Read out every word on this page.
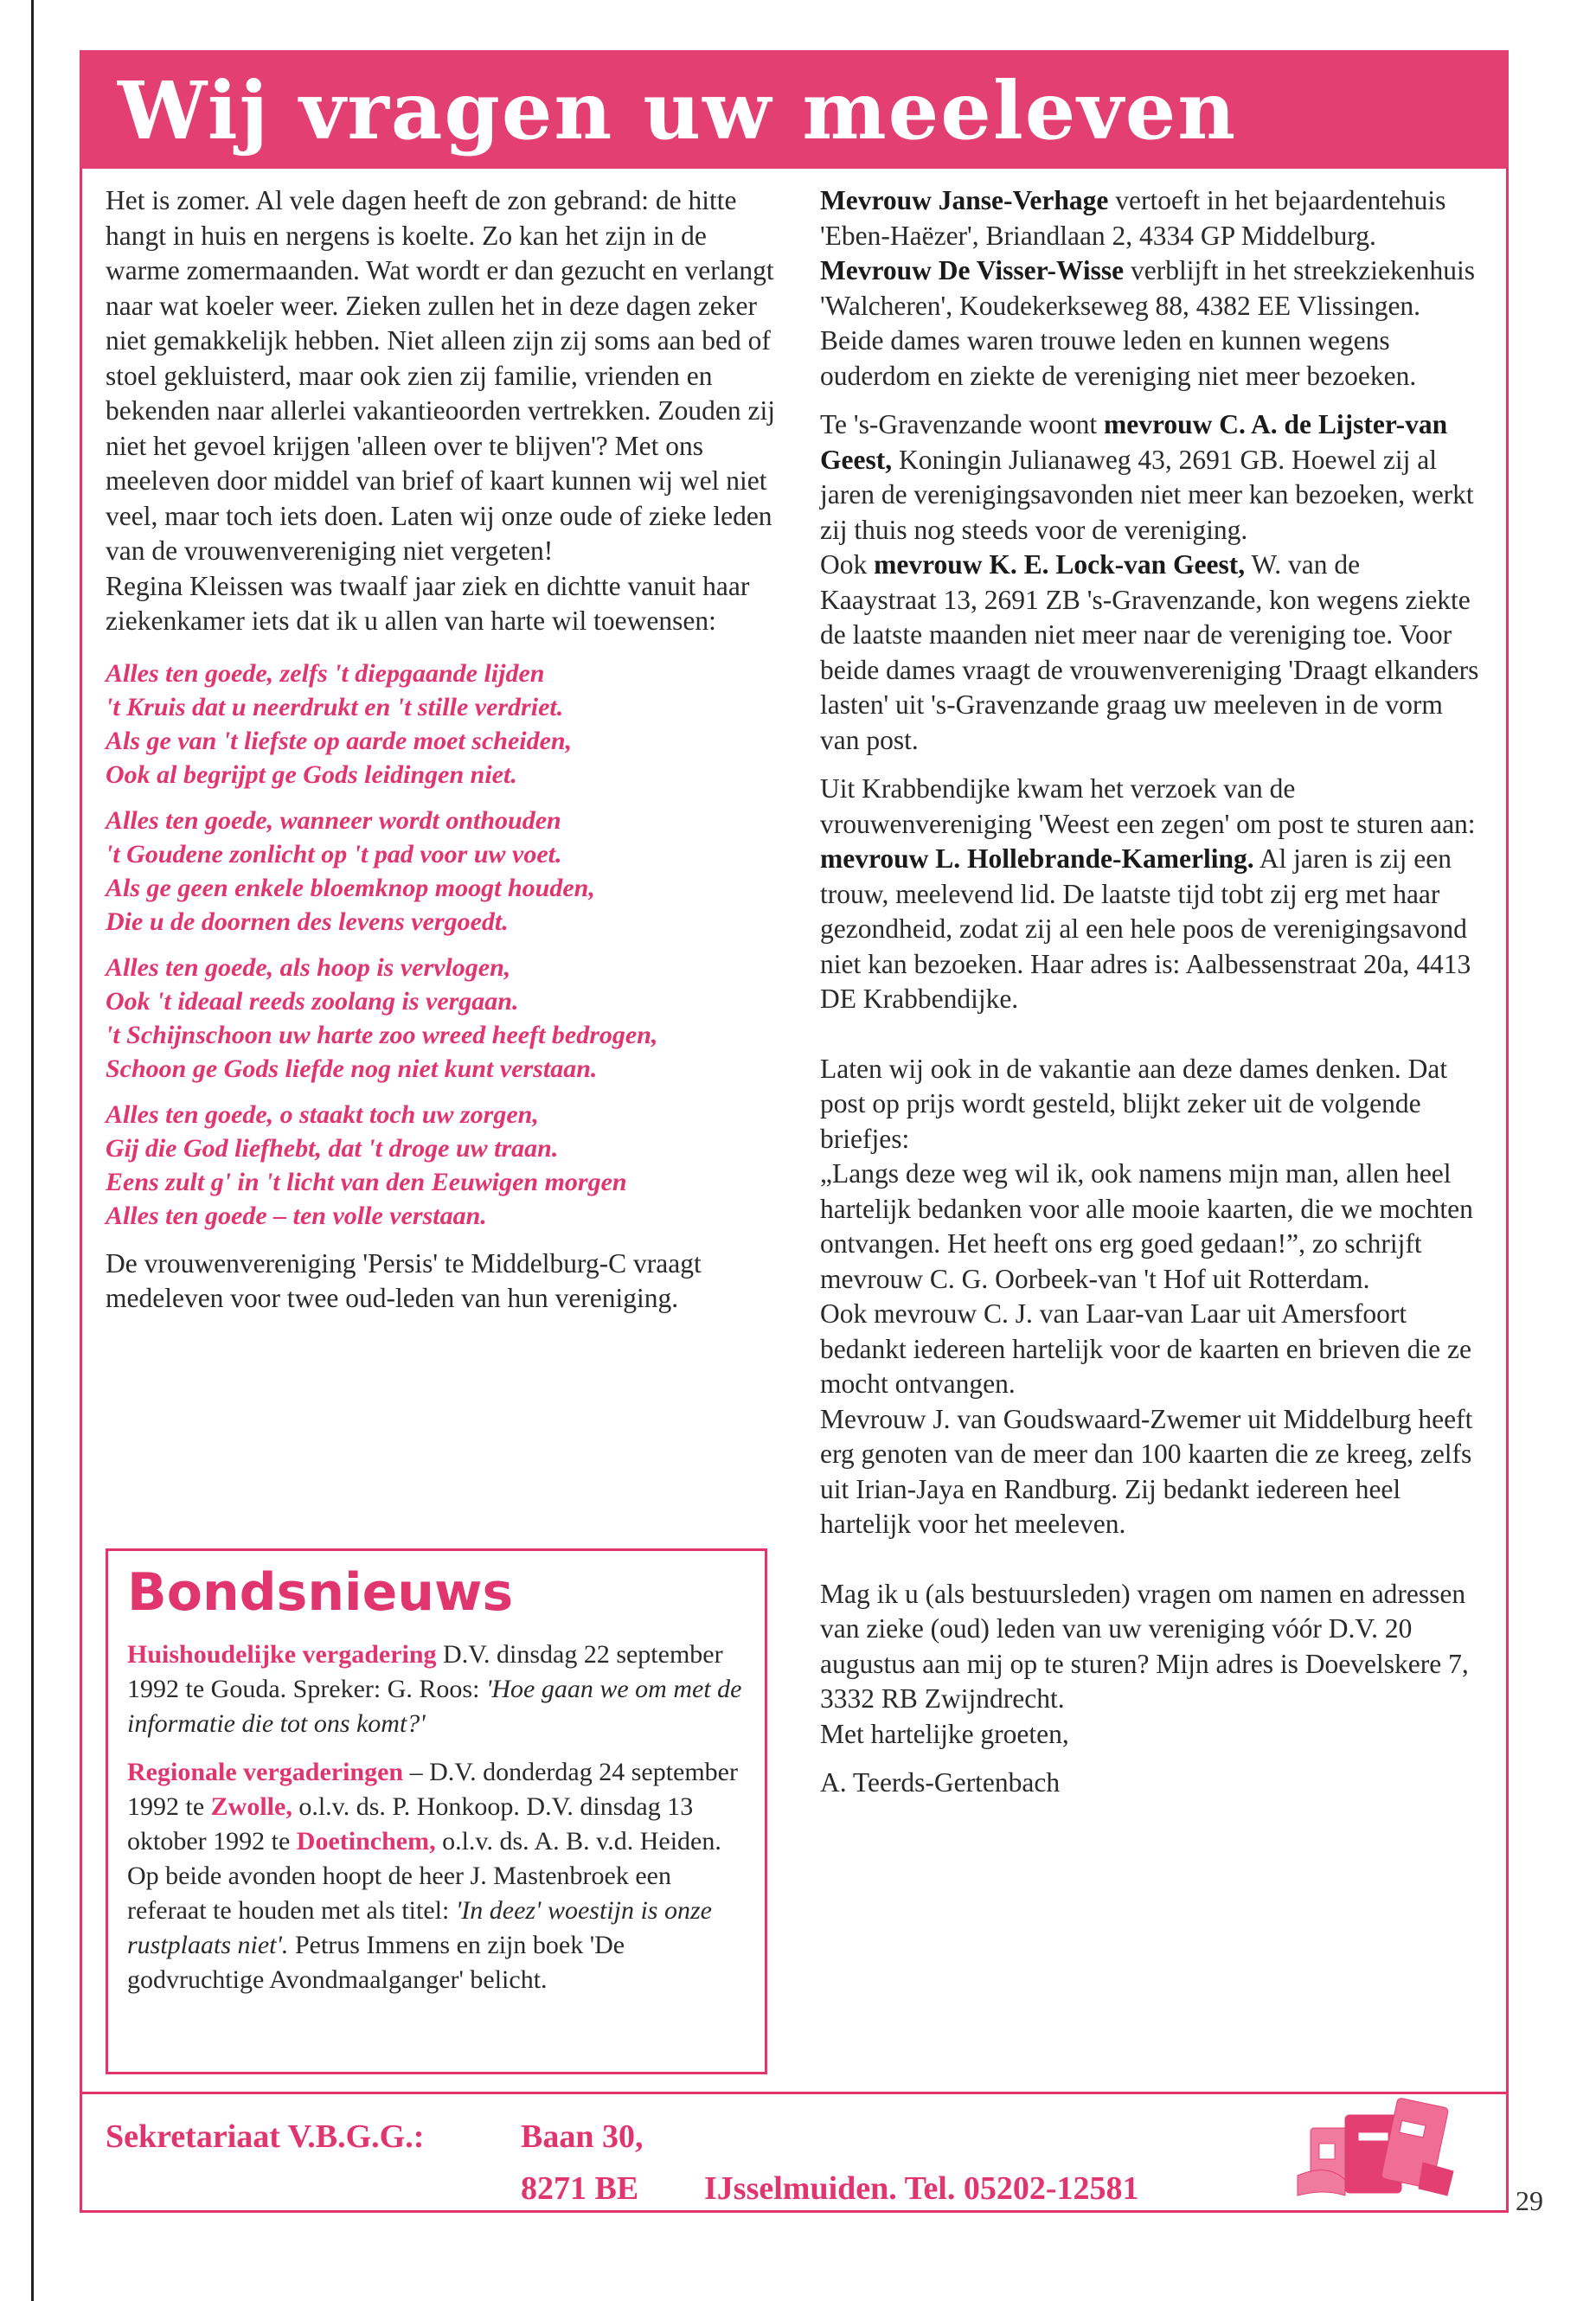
Wij vragen uw meeleven

Het is zomer. Al vele dagen heeft de zon gebrand: de hitte hangt in huis en nergens is koelte. Zo kan het zijn in de warme zomermaanden. Wat wordt er dan gezucht en verlangt naar wat koeler weer. Zieken zullen het in deze dagen zeker niet gemakkelijk hebben. Niet alleen zijn zij soms aan bed of stoel gekluisterd, maar ook zien zij familie, vrienden en bekenden naar allerlei vakantieoorden vertrekken. Zouden zij niet het gevoel krijgen 'alleen over te blijven'? Met ons meeleven door middel van brief of kaart kunnen wij wel niet veel, maar toch iets doen. Laten wij onze oude of zieke leden van de vrouwenvereniging niet vergeten!

Regina Kleissen was twaalf jaar ziek en dichtte vanuit haar ziekenkamer iets dat ik u allen van harte wil toewensen:

Alles ten goede, zelfs 't diepgaande lijden
't Kruis dat u neerdrukt en 't stille verdriet.
Als ge van 't liefste op aarde moet scheiden,
Ook al begrijpt ge Gods leidingen niet.
Alles ten goede, wanneer wordt onthouden
't Goudene zonlicht op 't pad voor uw voet.
Als ge geen enkele bloemknop moogt houden,
Die u de doornen des levens vergoedt.
Alles ten goede, als hoop is vervlogen,
Ook 't ideaal reeds zoolang is vergaan.
't Schijnschoon uw harte zoo wreed heeft bedrogen,
Schoon ge Gods liefde nog niet kunt verstaan.
Alles ten goede, o staakt toch uw zorgen,
Gij die God liefhebt, dat 't droge uw traan.
Eens zult g' in 't licht van den Eeuwigen morgen
Alles ten goede – ten volle verstaan.

De vrouwenvereniging 'Persis' te Middelburg-C vraagt medeleven voor twee oud-leden van hun vereniging.

Bondsnieuws

Huishoudelijke vergadering D.V. dinsdag 22 september 1992 te Gouda. Spreker: G. Roos: 'Hoe gaan we om met de informatie die tot ons komt?'

Regionale vergaderingen – D.V. donderdag 24 september 1992 te Zwolle, o.l.v. ds. P. Honkoop. D.V. dinsdag 13 oktober 1992 te Doetinchem, o.l.v. ds. A. B. v.d. Heiden.

Op beide avonden hoopt de heer J. Mastenbroek een referaat te houden met als titel: 'In deez' woestijn is onze rustplaats niet'. Petrus Immens en zijn boek 'De godvruchtige Avondmaalganger' belicht.

Mevrouw Janse-Verhage vertoeft in het bejaardentehuis 'Eben-Haëzer', Briandlaan 2, 4334 GP Middelburg.

Mevrouw De Visser-Wisse verblijft in het streekziekenhuis 'Walcheren', Koudekerkseweg 88, 4382 EE Vlissingen. Beide dames waren trouwe leden en kunnen wegens ouderdom en ziekte de vereniging niet meer bezoeken.

Te 's-Gravenzande woont mevrouw C. A. de Lijster-van Geest, Koningin Julianaweg 43, 2691 GB. Hoewel zij al jaren de verenigingsavonden niet meer kan bezoeken, werkt zij thuis nog steeds voor de vereniging.

Ook mevrouw K. E. Lock-van Geest, W. van de Kaaystraat 13, 2691 ZB 's-Gravenzande, kon wegens ziekte de laatste maanden niet meer naar de vereniging toe. Voor beide dames vraagt de vrouwenvereniging 'Draagt elkanders lasten' uit 's-Gravenzande graag uw meeleven in de vorm van post.

Uit Krabbendijke kwam het verzoek van de vrouwenvereniging 'Weest een zegen' om post te sturen aan: mevrouw L. Hollebrande-Kamerling. Al jaren is zij een trouw, meelevend lid. De laatste tijd tobt zij erg met haar gezondheid, zodat zij al een hele poos de verenigingsavond niet kan bezoeken. Haar adres is: Aalbessenstraat 20a, 4413 DE Krabbendijke.

Laten wij ook in de vakantie aan deze dames denken. Dat post op prijs wordt gesteld, blijkt zeker uit de volgende briefjes:

„Langs deze weg wil ik, ook namens mijn man, allen heel hartelijk bedanken voor alle mooie kaarten, die we mochten ontvangen. Het heeft ons erg goed gedaan!”, zo schrijft mevrouw C. G. Oorbeek-van 't Hof uit Rotterdam.

Ook mevrouw C. J. van Laar-van Laar uit Amersfoort bedankt iedereen hartelijk voor de kaarten en brieven die ze mocht ontvangen.

Mevrouw J. van Goudswaard-Zwemer uit Middelburg heeft erg genoten van de meer dan 100 kaarten die ze kreeg, zelfs uit Irian-Jaya en Randburg. Zij bedankt iedereen heel hartelijk voor het meeleven.

Mag ik u (als bestuursleden) vragen om namen en adressen van zieke (oud) leden van uw vereniging vóór D.V. 20 augustus aan mij op te sturen? Mijn adres is Doevelskere 7, 3332 RB Zwijndrecht.

Met hartelijke groeten,

A. Teerds-Gertenbach

Sekretariaat V.B.G.G.:	Baan 30,
8271 BE IJsselmuiden. Tel. 05202-12581	29
